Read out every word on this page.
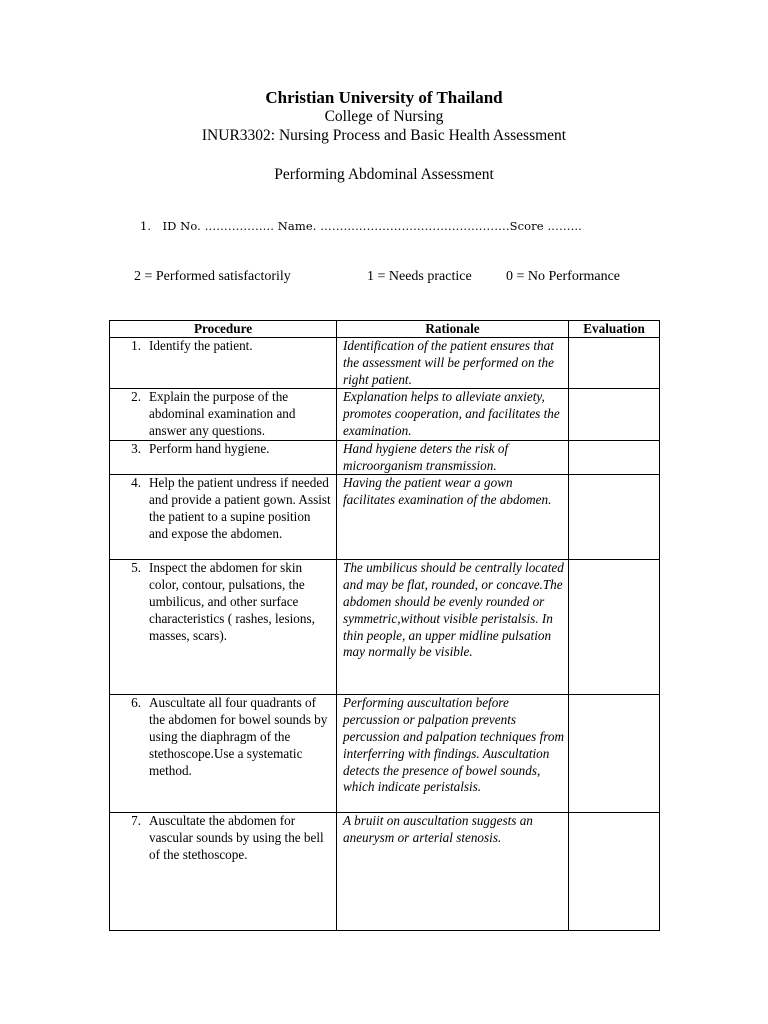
Christian University of Thailand
College of Nursing
INUR3302: Nursing Process and Basic Health Assessment
Performing Abdominal Assessment
1. ID No. ……………... Name. ………………………………………….Score ……...
2 = Performed satisfactorily	1 = Needs practice 0 = No Performance
Procedure	Rationale	Evaluation

1. Identify the patient.	Identification of the patient ensures that the assessment will be performed on the right patient.	

2. Explain the purpose of the abdominal examination and answer any questions.	Explanation helps to alleviate anxiety, promotes cooperation, and facilitates the examination.	

3. Perform hand hygiene.	Hand hygiene deters the risk of microorganism transmission.	

4. Help the patient undress if needed and provide a patient gown. Assist the patient to a supine position and expose the abdomen.	Having the patient wear a gown facilitates examination of the abdomen.	

5. Inspect the abdomen for skin color, contour, pulsations, the umbilicus, and other surface characteristics ( rashes, lesions, masses, scars).	The umbilicus should be centrally located and may be flat, rounded, or concave.The abdomen should be evenly rounded or symmetric,without visible peristalsis. In thin people, an upper midline pulsation may normally be visible.	

6. Auscultate all four quadrants of the abdomen for bowel sounds by using the diaphragm of the stethoscope.Use a systematic method.	Performing auscultation before percussion or palpation prevents percussion and palpation techniques from interferring with findings. Auscultation detects the presence of bowel sounds, which indicate peristalsis.	

7. Auscultate the abdomen for vascular sounds by using the bell of the stethoscope.	A bruiit on auscultation suggests an aneurysm or arterial stenosis.	
